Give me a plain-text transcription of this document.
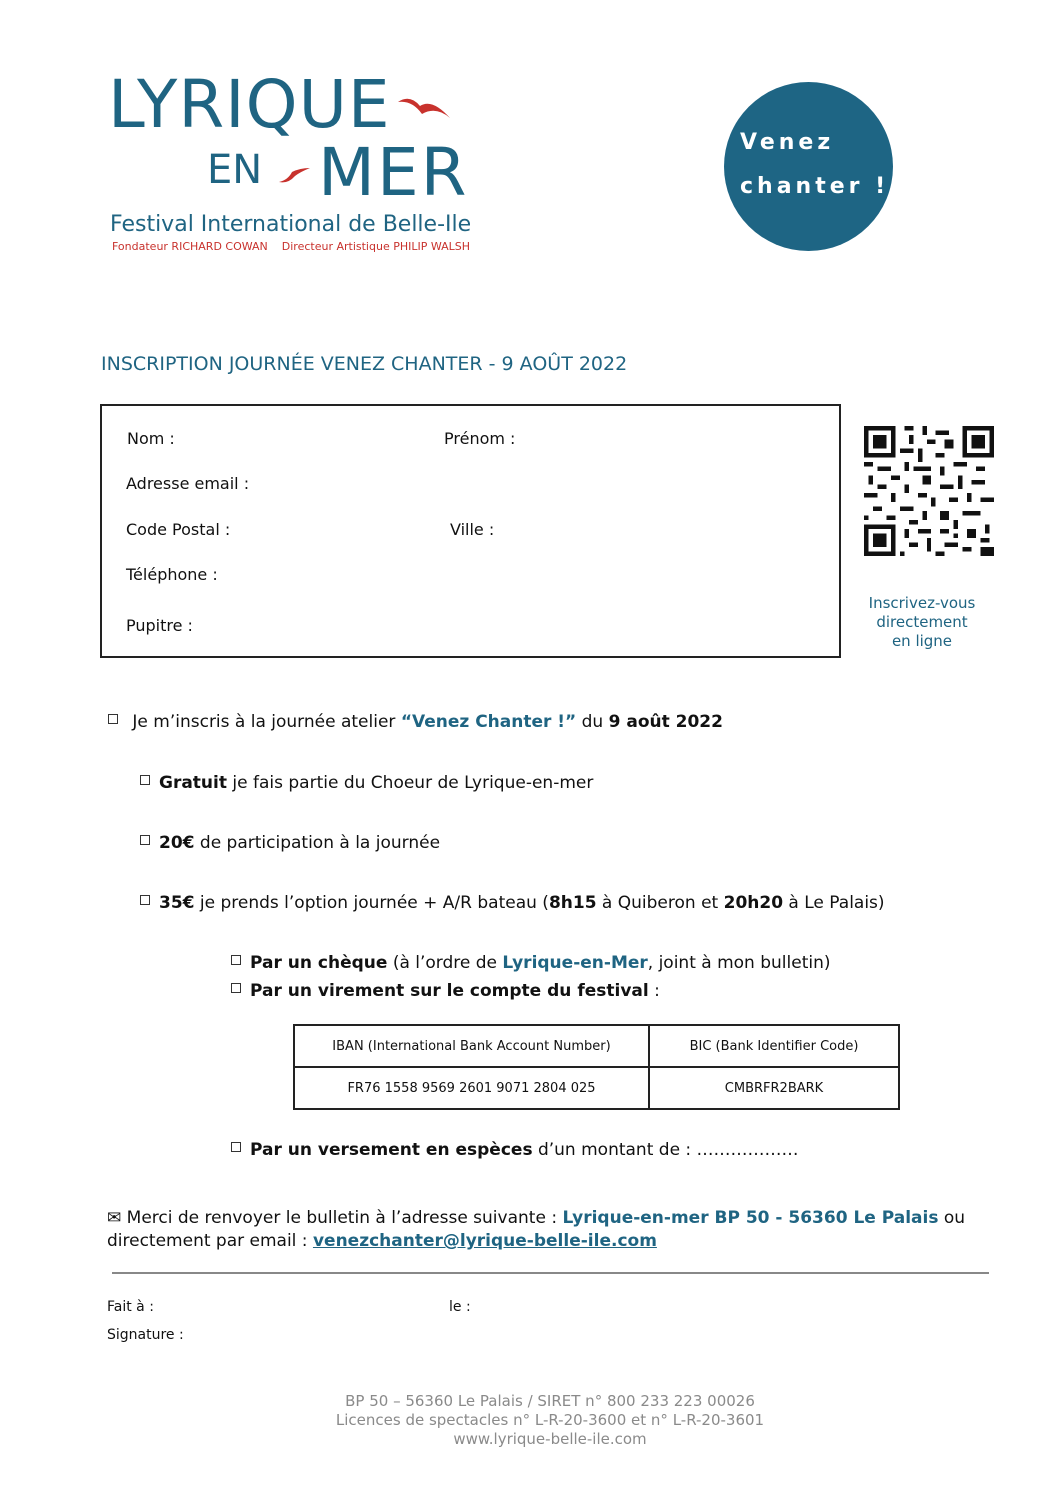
LYRIQUE
EN MER
Festival International de Belle-Ile
Fondateur RICHARD COWAN Directeur Artistique PHILIP WALSH
Venez
chanter !
INSCRIPTION JOURNÉE VENEZ CHANTER - 9 AOÛT 2022
Nom :	Prénom :
Adresse email :
Code Postal :	Ville :
Téléphone :
Pupitre :
Inscrivez-vous
directement
en ligne
Je m’inscris à la journée atelier “Venez Chanter !” du 9 août 2022
Gratuit je fais partie du Choeur de Lyrique-en-mer
20€ de participation à la journée
35€ je prends l’option journée + A/R bateau (8h15 à Quiberon et 20h20 à Le Palais)
Par un chèque (à l’ordre de Lyrique-en-Mer, joint à mon bulletin)
Par un virement sur le compte du festival :
IBAN (International Bank Account Number)	BIC (Bank Identifier Code)
FR76 1558 9569 2601 9071 2804 025	CMBRFR2BARK
Par un versement en espèces d’un montant de : ………………
✉ Merci de renvoyer le bulletin à l’adresse suivante : Lyrique-en-mer BP 50 - 56360 Le Palais ou
directement par email : venezchanter@lyrique-belle-ile.com
Fait à :	le :
Signature :
BP 50 – 56360 Le Palais / SIRET n° 800 233 223 00026
Licences de spectacles n° L-R-20-3600 et n° L-R-20-3601
www.lyrique-belle-ile.com
